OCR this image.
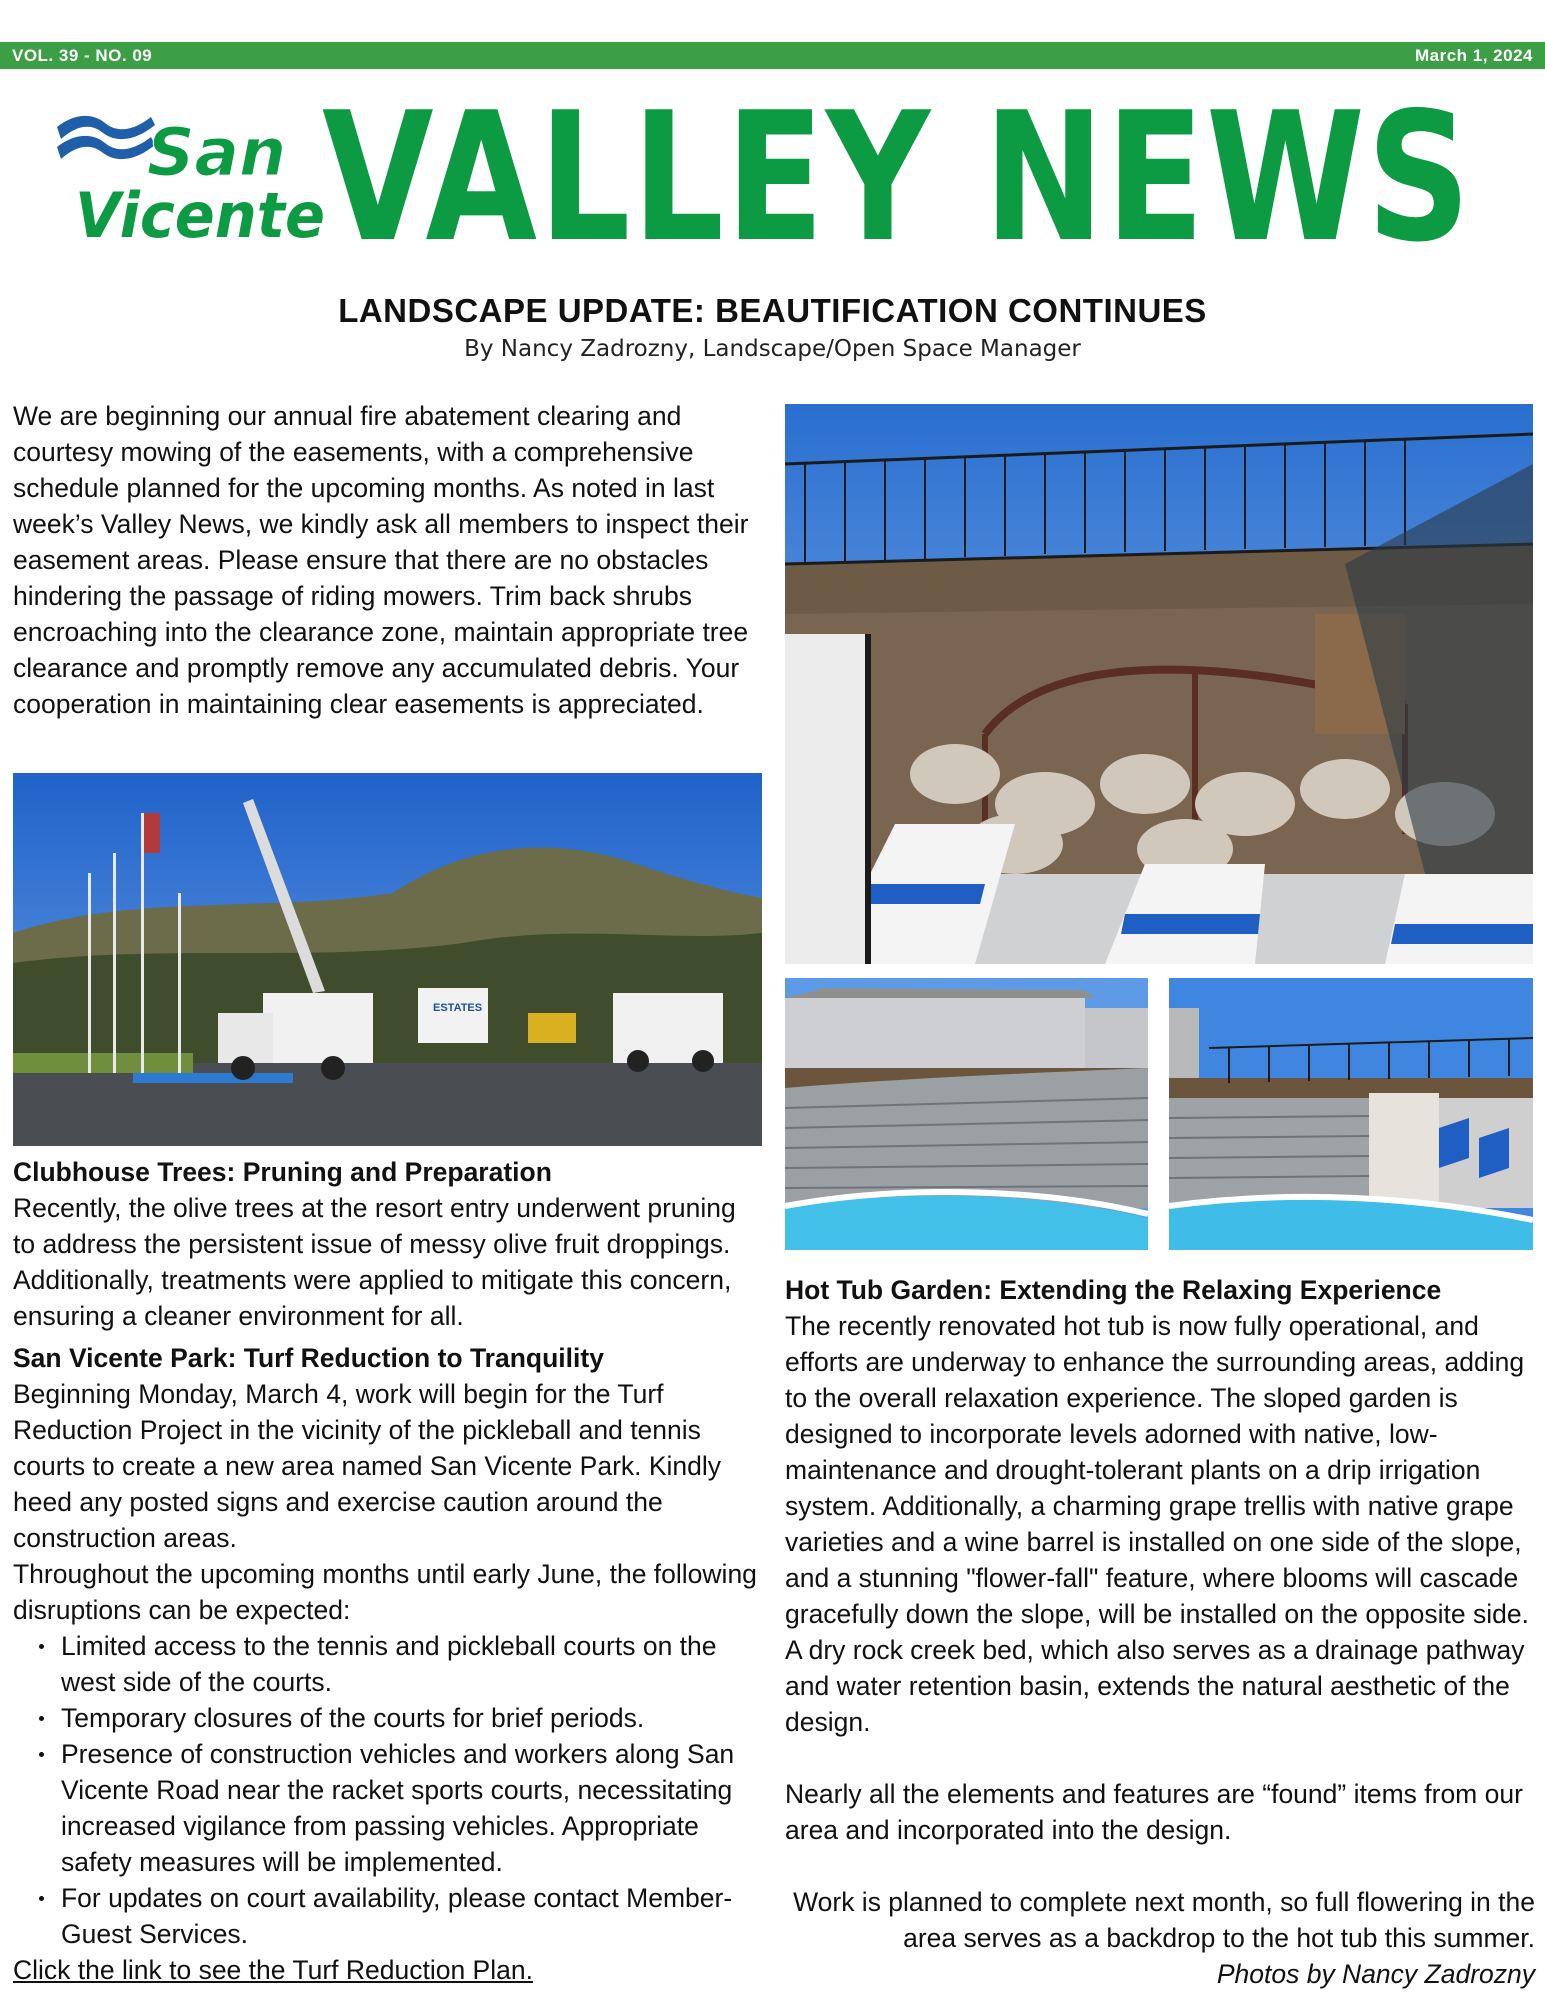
VOL. 39 - NO. 09	March 1, 2024
San
Vicente
VALLEY NEWS
LANDSCAPE UPDATE: BEAUTIFICATION CONTINUES
By Nancy Zadrozny, Landscape/Open Space Manager

We are beginning our annual fire abatement clearing and courtesy mowing of the easements, with a comprehensive schedule planned for the upcoming months. As noted in last week’s Valley News, we kindly ask all members to inspect their easement areas. Please ensure that there are no obstacles hindering the passage of riding mowers. Trim back shrubs encroaching into the clearance zone, maintain appropriate tree clearance and promptly remove any accumulated debris. Your cooperation in maintaining clear easements is appreciated.

ESTATES

Clubhouse Trees: Pruning and Preparation

Recently, the olive trees at the resort entry underwent pruning to address the persistent issue of messy olive fruit droppings. Additionally, treatments were applied to mitigate this concern, ensuring a cleaner environment for all.

San Vicente Park: Turf Reduction to Tranquility

Beginning Monday, March 4, work will begin for the Turf Reduction Project in the vicinity of the pickleball and tennis courts to create a new area named San Vicente Park. Kindly heed any posted signs and exercise caution around the construction areas.

Throughout the upcoming months until early June, the following disruptions can be expected:

Limited access to the tennis and pickleball courts on the west side of the courts.
Temporary closures of the courts for brief periods.
Presence of construction vehicles and workers along San Vicente Road near the racket sports courts, necessitating increased vigilance from passing vehicles. Appropriate safety measures will be implemented.
For updates on court availability, please contact Member-Guest Services.

Click the link to see the Turf Reduction Plan.

Hot Tub Garden: Extending the Relaxing Experience

The recently renovated hot tub is now fully operational, and efforts are underway to enhance the surrounding areas, adding to the overall relaxation experience. The sloped garden is designed to incorporate levels adorned with native, low-maintenance and drought-tolerant plants on a drip irrigation system. Additionally, a charming grape trellis with native grape varieties and a wine barrel is installed on one side of the slope, and a stunning "flower-fall" feature, where blooms will cascade gracefully down the slope, will be installed on the opposite side. A dry rock creek bed, which also serves as a drainage pathway and water retention basin, extends the natural aesthetic of the design.

Nearly all the elements and features are “found” items from our area and incorporated into the design.

Work is planned to complete next month, so full flowering in the area serves as a backdrop to the hot tub this summer.

Photos by Nancy Zadrozny
